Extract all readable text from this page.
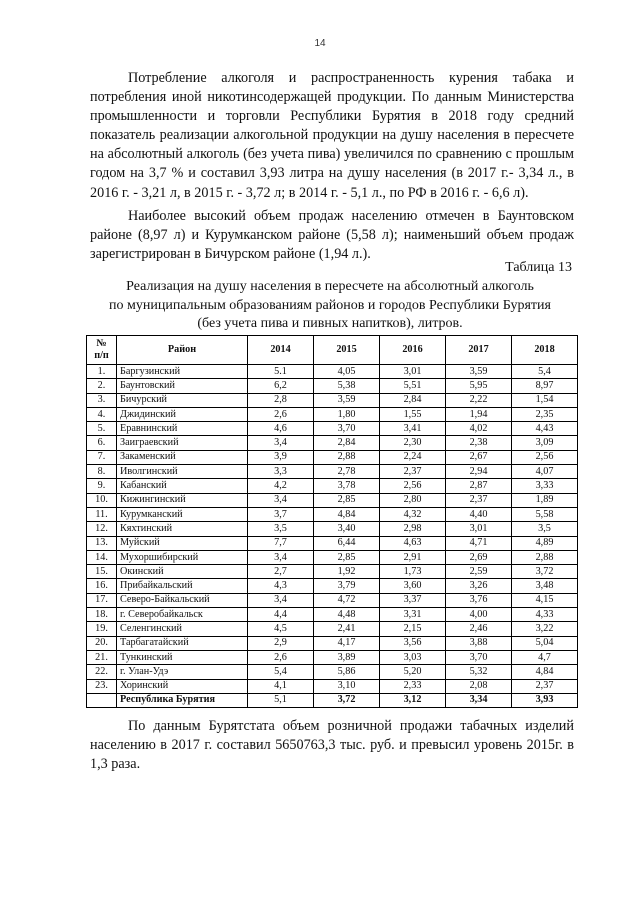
14

Потребление алкоголя и распространенность курения табака и потребления иной никотинсодержащей продукции. По данным Министерства промышленности и торговли Республики Бурятия в 2018 году средний показатель реализации алкогольной продукции на душу населения в пересчете на абсолютный алкоголь (без учета пива) увеличился по сравнению с прошлым годом на 3,7 % и составил 3,93 литра на душу населения (в 2017 г.- 3,34 л., в 2016 г. - 3,21 л, в 2015 г. - 3,72 л; в 2014 г. - 5,1 л., по РФ в 2016 г. - 6,6 л).

Наиболее высокий объем продаж населению отмечен в Баунтовском районе (8,97 л) и Курумканском районе (5,58 л); наименьший объем продаж зарегистрирован в Бичурском районе (1,94 л.).

Таблица 13
Реализация на душу населения в пересчете на абсолютный алкоголь
по муниципальным образованиям районов и городов Республики Бурятия
(без учета пива и пивных напитков), литров.
№
п/п	Район	2014	2015	2016	2017	2018
1.	Баргузинский	5.1	4,05	3,01	3,59	5,4
2.	Баунтовский	6,2	5,38	5,51	5,95	8,97
3.	Бичурский	2,8	3,59	2,84	2,22	1,54
4.	Джидинский	2,6	1,80	1,55	1,94	2,35
5.	Еравнинский	4,6	3,70	3,41	4,02	4,43
6.	Заиграевский	3,4	2,84	2,30	2,38	3,09
7.	Закаменский	3,9	2,88	2,24	2,67	2,56
8.	Иволгинский	3,3	2,78	2,37	2,94	4,07
9.	Кабанский	4,2	3,78	2,56	2,87	3,33
10.	Кижингинский	3,4	2,85	2,80	2,37	1,89
11.	Курумканский	3,7	4,84	4,32	4,40	5,58
12.	Кяхтинский	3,5	3,40	2,98	3,01	3,5
13.	Муйский	7,7	6,44	4,63	4,71	4,89
14.	Мухоршибирский	3,4	2,85	2,91	2,69	2,88
15.	Окинский	2,7	1,92	1,73	2,59	3,72
16.	Прибайкальский	4,3	3,79	3,60	3,26	3,48
17.	Северо-Байкальский	3,4	4,72	3,37	3,76	4,15
18.	г. Северобайкальск	4,4	4,48	3,31	4,00	4,33
19.	Селенгинский	4,5	2,41	2,15	2,46	3,22
20.	Тарбагатайский	2,9	4,17	3,56	3,88	5,04
21.	Тункинский	2,6	3,89	3,03	3,70	4,7
22.	г. Улан-Удэ	5,4	5,86	5,20	5,32	4,84
23.	Хоринский	4,1	3,10	2,33	2,08	2,37
	Республика Бурятия	5,1	3,72	3,12	3,34	3,93

По данным Бурятстата объем розничной продажи табачных изделий населению в 2017 г. составил 5650763,3 тыс. руб. и превысил уровень 2015г. в 1,3 раза.
